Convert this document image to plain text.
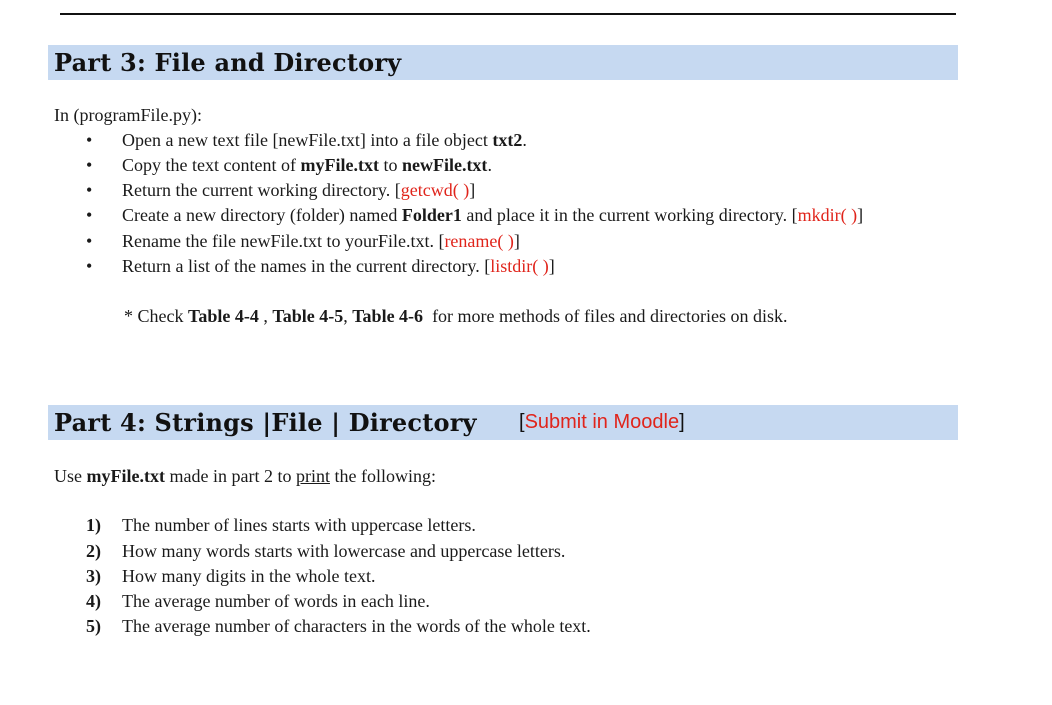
Part 3: File and Directory
In (programFile.py):
• Open a new text file [newFile.txt] into a file object txt2.
• Copy the text content of myFile.txt to newFile.txt.
• Return the current working directory. [getcwd( )]
• Create a new directory (folder) named Folder1 and place it in the current working directory. [mkdir( )]
• Rename the file newFile.txt to yourFile.txt. [rename( )]
• Return a list of the names in the current directory. [listdir( )]
* Check Table 4-4 , Table 4-5, Table 4-6  for more methods of files and directories on disk.
Part 4: Strings |File | Directory [Submit in Moodle]
Use myFile.txt made in part 2 to print the following:
1) The number of lines starts with uppercase letters.
2) How many words starts with lowercase and uppercase letters.
3) How many digits in the whole text.
4) The average number of words in each line.
5) The average number of characters in the words of the whole text.
